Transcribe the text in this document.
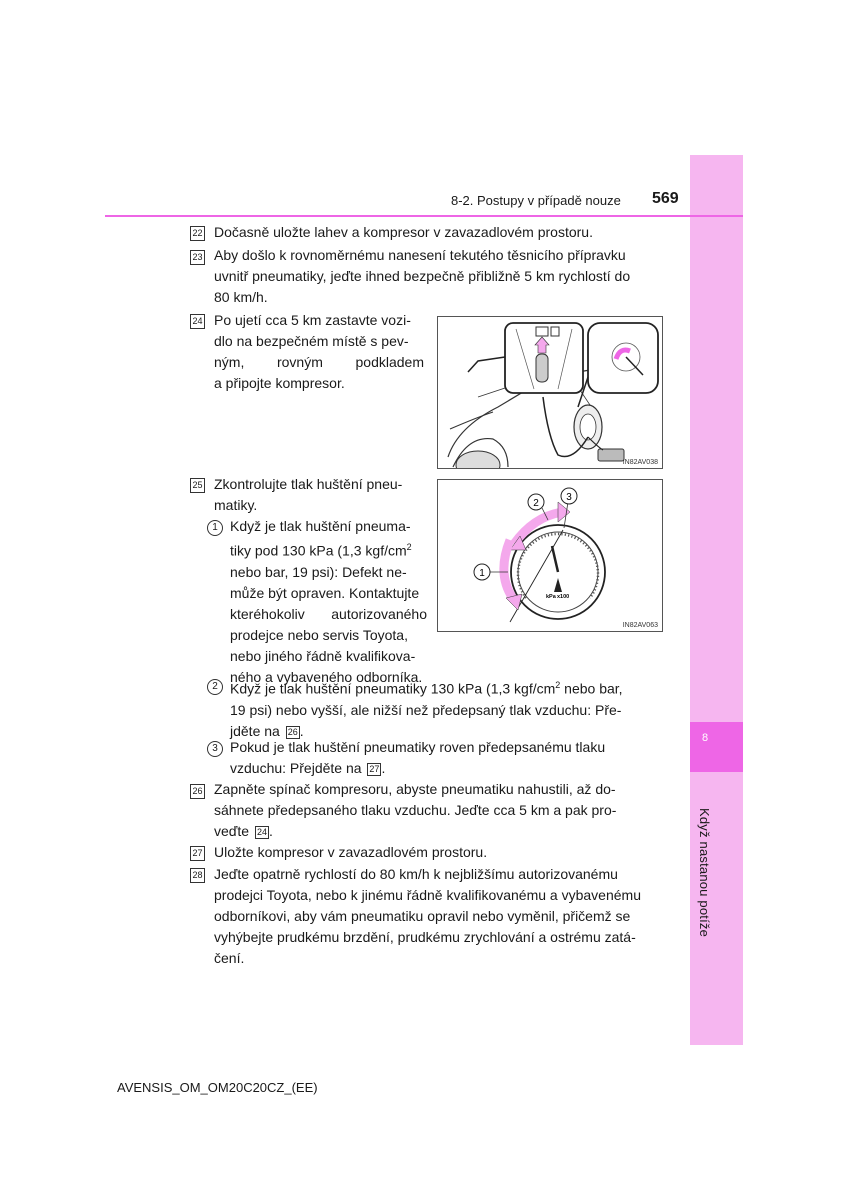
8
Když nastanou potíže
8-2. Postupy v případě nouze 569
22 Dočasně uložte lahev a kompresor v zavazadlovém prostoru.
23 Aby došlo k rovnoměrnému nanesení tekutého těsnicího přípravku
uvnitř pneumatiky, jeďte ihned bezpečně přibližně 5 km rychlostí do
80 km/h.
24 Po ujetí cca 5 km zastavte vozi-
dlo na bezpečném místě s pev-
ným, rovným podkladem
a připojte kompresor.
IN82AV038
25 Zkontrolujte tlak huštění pneu-
matiky.	2
3
1
kPa x100
IN82AV063
1 Když je tlak huštění pneuma-
tiky pod 130 kPa (1,3 kgf/$cm^2$
nebo bar, 19 psi): Defekt ne-
může být opraven. Kontaktujte
kteréhokoliv autorizovaného
prodejce nebo servis Toyota,
nebo jiného řádně kvalifikova-
ného a vybaveného odborníka.
2 Když je tlak huštění pneumatiky 130 kPa (1,3 kgf/$cm^2$ nebo bar,
19 psi) nebo vyšší, ale nižší než předepsaný tlak vzduchu: Pře-
jděte na 26 .
3 Pokud je tlak huštění pneumatiky roven předepsanému tlaku
vzduchu: Přejděte na 27 .
26 Zapněte spínač kompresoru, abyste pneumatiku nahustili, až do-
sáhnete předepsaného tlaku vzduchu. Jeďte cca 5 km a pak pro-
veďte 24 .
27 Uložte kompresor v zavazadlovém prostoru.
28 Jeďte opatrně rychlostí do 80 km/h k nejbližšímu autorizovanému
prodejci Toyota, nebo k jinému řádně kvalifikovanému a vybavenému
odborníkovi, aby vám pneumatiku opravil nebo vyměnil, přičemž se
vyhýbejte prudkému brzdění, prudkému zrychlování a ostrému zatá-
čení.
AVENSIS_OM_OM20C20CZ_(EE)
